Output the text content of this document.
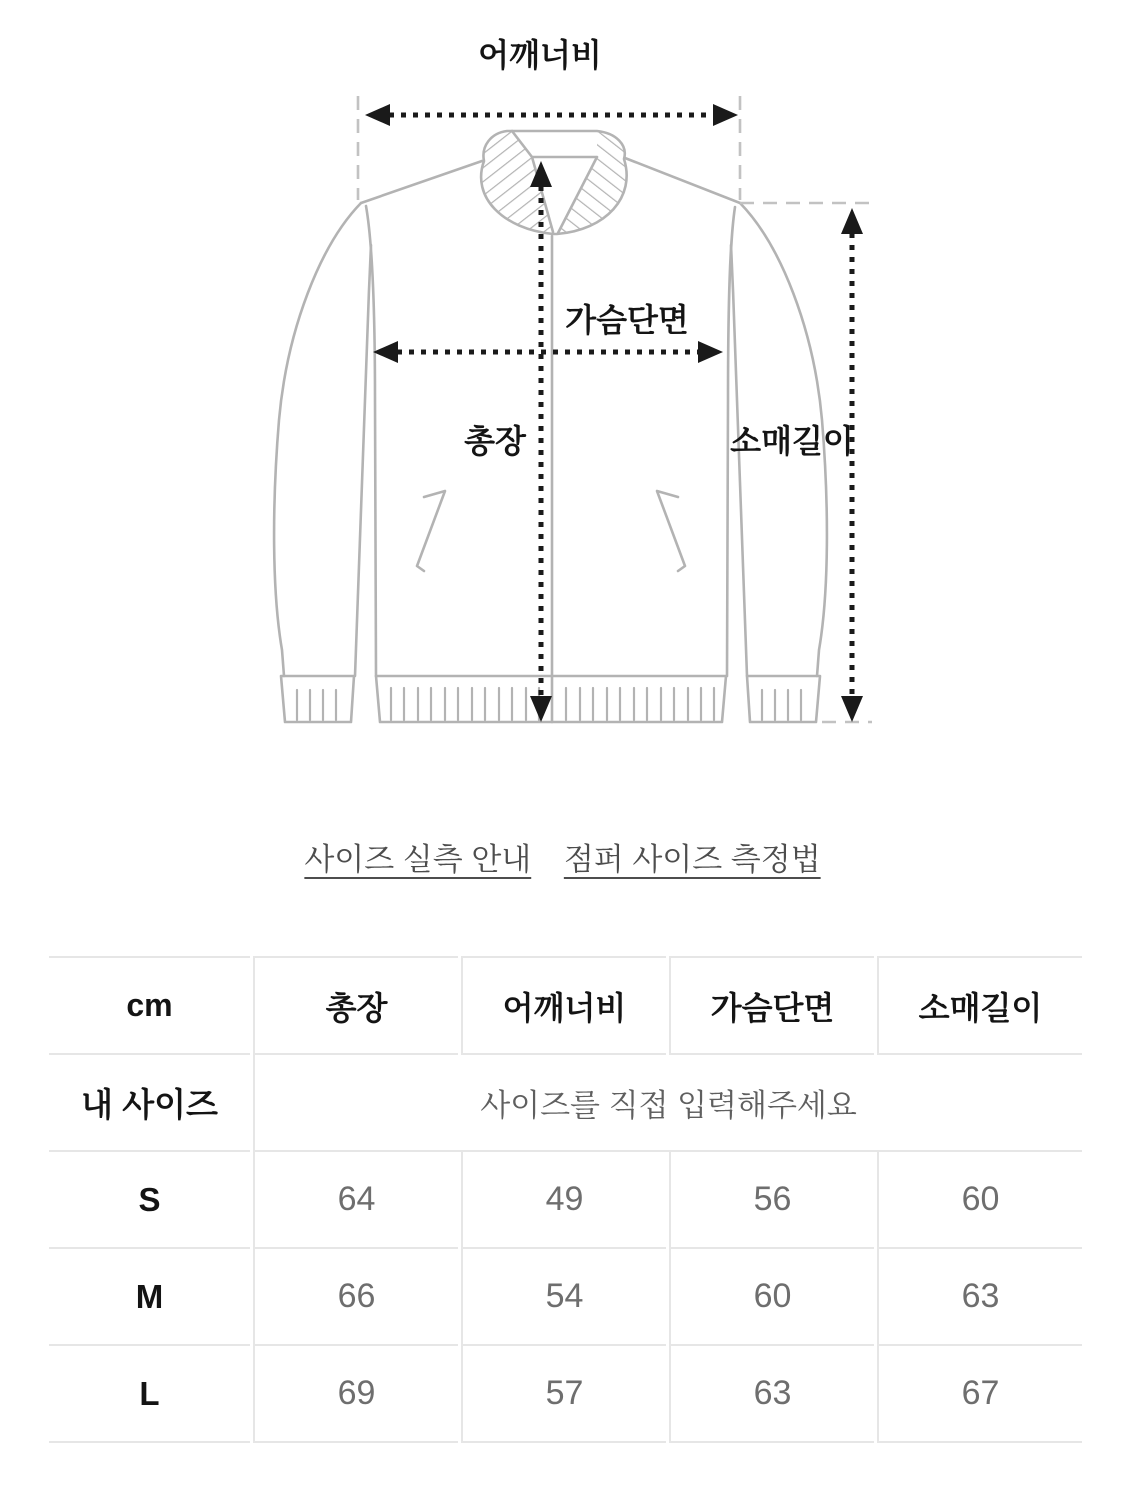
어깨너비
가슴단면
총장	소매길이
사이즈 실측 안내 점퍼 사이즈 측정법
cm	총장	어깨너비	가슴단면	소매길이
내 사이즈	사이즈를 직접 입력해주세요			
S	64	49	56	60
M	66	54	60	63
L	69	57	63	67
